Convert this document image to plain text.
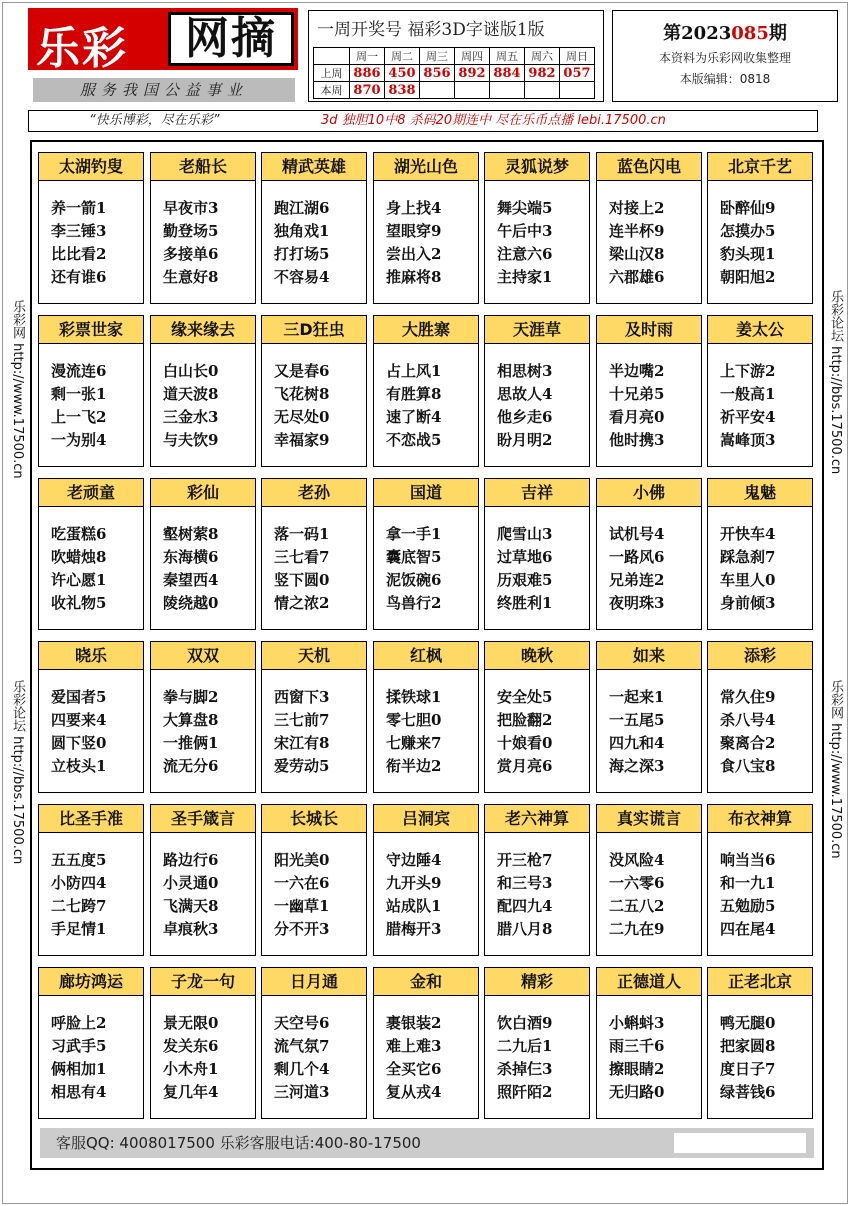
乐彩	网摘
服务我国公益事业
一周开奖号 福彩3D字谜版1版
	周一	周二	周三	周四	周五	周六	周日
上周	886	450	856	892	884	982	057
本周	870	838					
第2023085期
本资料为乐彩网收集整理
本版编辑：0818
“快乐博彩，尽在乐彩”	3d 独胆10中8 杀码20期连中 尽在乐币点播 lebi.17500.cn
乐彩网 http://www.17500.cn
乐彩论坛 http://bbs.17500.cn
乐彩论坛 http://bbs.17500.cn
乐彩网 http://www.17500.cn
太湖钓叟
养一箭1
李三锤3
比比看2
还有谁6
老船长
早夜市3
勤登场5
多接单6
生意好8
精武英雄
跑江湖6
独角戏1
打打场5
不容易4
湖光山色
身上找4
望眼穿9
尝出入2
推麻将8
灵狐说梦
舞尖端5
午后中3
注意六6
主持家1
蓝色闪电
对接上2
连半杯9
梁山汉8
六郡雄6
北京千艺
卧醉仙9
怎摸办5
豹头现1
朝阳旭2
彩票世家
漫流连6
剩一张1
上一飞2
一为别4
缘来缘去
白山长0
道天波8
三金水3
与夫饮9
三D狂虫
又是春6
飞花树8
无尽处0
幸福家9
大胜寨
占上风1
有胜算8
速了断4
不恋战5
天涯草
相思树3
思故人4
他乡走6
盼月明2
及时雨
半边嘴2
十兄弟5
看月亮0
他时携3
姜太公
上下游2
一般高1
祈平安4
嵩峰顶3
老顽童
吃蛋糕6
吹蜡烛8
许心愿1
收礼物5
彩仙
壑树萦8
东海横6
秦望西4
陵绕越0
老孙
落一码1
三七看7
竖下圆0
情之浓2
国道
拿一手1
囊底智5
泥饭碗6
鸟兽行2
吉祥
爬雪山3
过草地6
历艰难5
终胜利1
小佛
试机号4
一路风6
兄弟连2
夜明珠3
鬼魅
开快车4
踩急刹7
车里人0
身前倾3
晓乐
爱国者5
四要来4
圆下竖0
立枝头1
双双
拳与脚2
大算盘8
一推俩1
流无分6
天机
西窗下3
三七前7
宋江有8
爱劳动5
红枫
揉铁球1
零七胆0
七赚来7
衔半边2
晚秋
安全处5
把脸翻2
十娘看0
赏月亮6
如来
一起来1
一五尾5
四九和4
海之深3
添彩
常久住9
杀八号4
聚离合2
食八宝8
比圣手准
五五度5
小防四4
二七跨7
手足情1
圣手箴言
路边行6
小灵通0
飞满天8
卓痕秋3
长城长
阳光美0
一六在6
一幽草1
分不开3
吕洞宾
守边陲4
九开头9
站成队1
腊梅开3
老六神算
开三枪7
和三号3
配四九4
腊八月8
真实谎言
没风险4
一六零6
二五八2
二九在9
布衣神算
响当当6
和一九1
五勉励5
四在尾4
廊坊鸿运
呼脸上2
习武手5
俩相加1
相思有4
子龙一句
景无限0
发关东6
小木舟1
复几年4
日月通
天空号6
流气氛7
剩几个4
三河道3
金和
裹银装2
难上难3
全买它6
复从戎4
精彩
饮白酒9
二九后1
杀掉仨3
照阡陌2
正德道人
小蝌蚪3
雨三千6
擦眼睛2
无归路0
正老北京
鸭无腿0
把家圆8
度日子7
绿菩钱6
客服QQ: 4008017500 乐彩客服电话:400-80-17500
